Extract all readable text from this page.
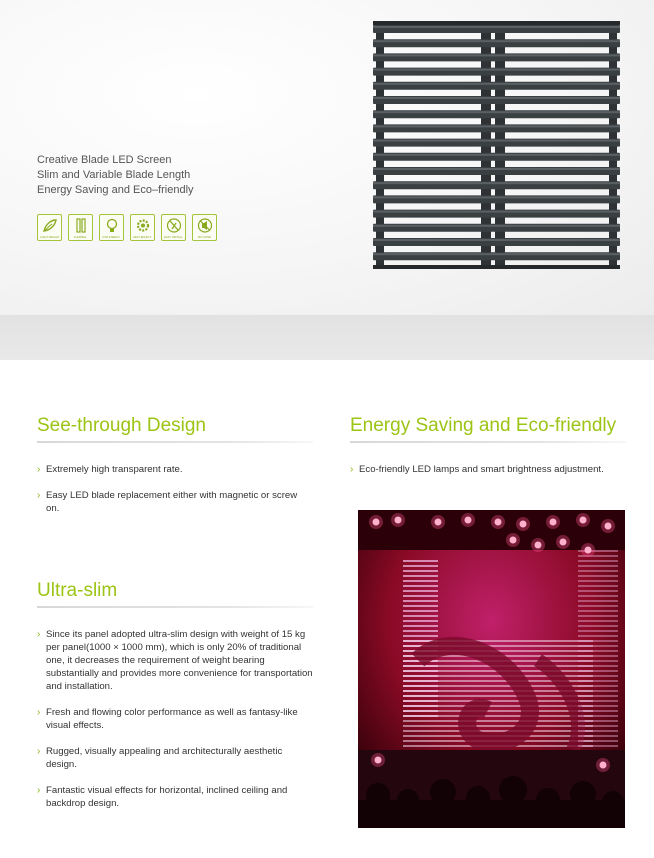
Creative Blade LED Screen
Slim and Variable Blade Length
Energy Saving and Eco–friendly
LIGHT WEIGHT	FLEXIBLE	LOW ENERGY	HEAT EFFECT	EASY INSTALL	NO NOISE
See-through Design
› Extremely high transparent rate.
› Easy LED blade replacement either with magnetic or screw on.
Energy Saving and Eco-friendly
› Eco-friendly LED lamps and smart brightness adjustment.
Ultra-slim
› Since its panel adopted ultra-slim design with weight of 15 kg per panel(1000 × 1000 mm), which is only 20% of traditional one, it decreases the requirement of weight bearing substantially and provides more convenience for transportation and installation.
› Fresh and flowing color performance as well as fantasy-like visual effects.
› Rugged, visually appealing and architecturally aesthetic design.
› Fantastic visual effects for horizontal, inclined ceiling and backdrop design.
